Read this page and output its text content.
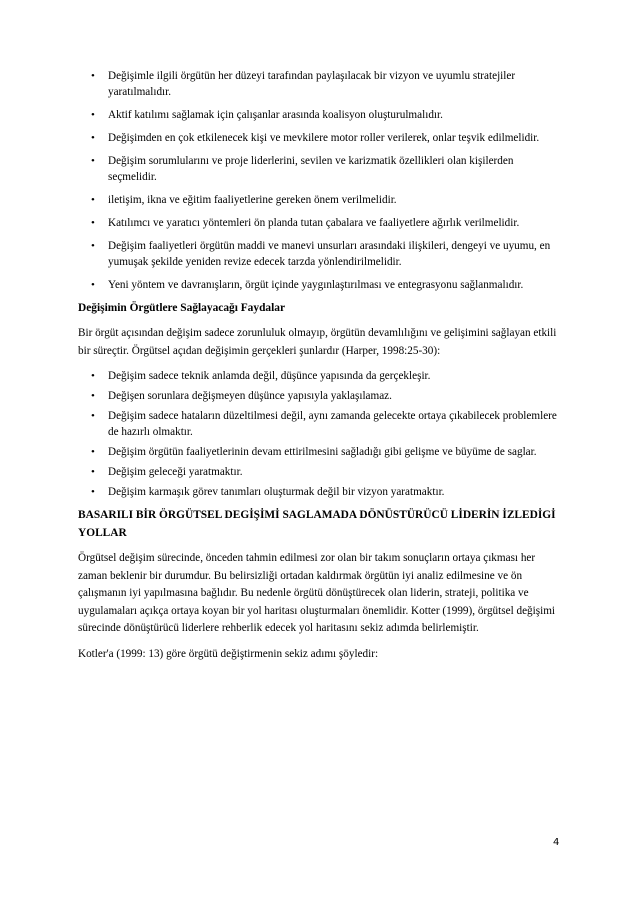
• Değişimle ilgili örgütün her düzeyi tarafından paylaşılacak bir vizyon ve uyumlu stratejiler yaratılmalıdır.
• Aktif katılımı sağlamak için çalışanlar arasında koalisyon oluşturulmalıdır.
• Değişimden en çok etkilenecek kişi ve mevkilere motor roller verilerek, onlar teşvik edilmelidir.
• Değişim sorumlularını ve proje liderlerini, sevilen ve karizmatik özellikleri olan kişilerden seçmelidir.
• iletişim, ikna ve eğitim faaliyetlerine gereken önem verilmelidir.
• Katılımcı ve yaratıcı yöntemleri ön planda tutan çabalara ve faaliyetlere ağırlık verilmelidir.
• Değişim faaliyetleri örgütün maddi ve manevi unsurları arasındaki ilişkileri, dengeyi ve uyumu, en yumuşak şekilde yeniden revize edecek tarzda yönlendirilmelidir.
• Yeni yöntem ve davranışların, örgüt içinde yaygınlaştırılması ve entegrasyonu sağlanmalıdır.
Değişimin Örgütlere Sağlayacağı Faydalar

Bir örgüt açısından değişim sadece zorunluluk olmayıp, örgütün devamlılığını ve gelişimini sağlayan etkili bir süreçtir. Örgütsel açıdan değişimin gerçekleri şunlardır (Harper, 1998:25-30):

• Değişim sadece teknik anlamda değil, düşünce yapısında da gerçekleşir.
• Değişen sorunlara değişmeyen düşünce yapısıyla yaklaşılamaz.
• Değişim sadece hataların düzeltilmesi değil, aynı zamanda gelecekte ortaya çıkabilecek problemlere de hazırlı olmaktır.
• Değişim örgütün faaliyetlerinin devam ettirilmesini sağladığı gibi gelişme ve büyüme de saglar.
• Değişim geleceği yaratmaktır.
• Değişim karmaşık görev tanımları oluşturmak değil bir vizyon yaratmaktır.
BASARILI BİR ÖRGÜTSEL DEGİŞİMİ SAGLAMADA DÖNÜSTÜRÜCÜ LİDERİN İZLEDİGİ YOLLAR

Örgütsel değişim sürecinde, önceden tahmin edilmesi zor olan bir takım sonuçların ortaya çıkması her zaman beklenir bir durumdur. Bu belirsizliği ortadan kaldırmak örgütün iyi analiz edilmesine ve ön çalışmanın iyi yapılmasına bağlıdır. Bu nedenle örgütü dönüştürecek olan liderin, strateji, politika ve uygulamaları açıkça ortaya koyan bir yol haritası oluşturmaları önemlidir. Kotter (1999), örgütsel değişimi sürecinde dönüştürücü liderlere rehberlik edecek yol haritasını sekiz adımda belirlemiştir.

Kotler'a (1999: 13) göre örgütü değiştirmenin sekiz adımı şöyledir:

4
